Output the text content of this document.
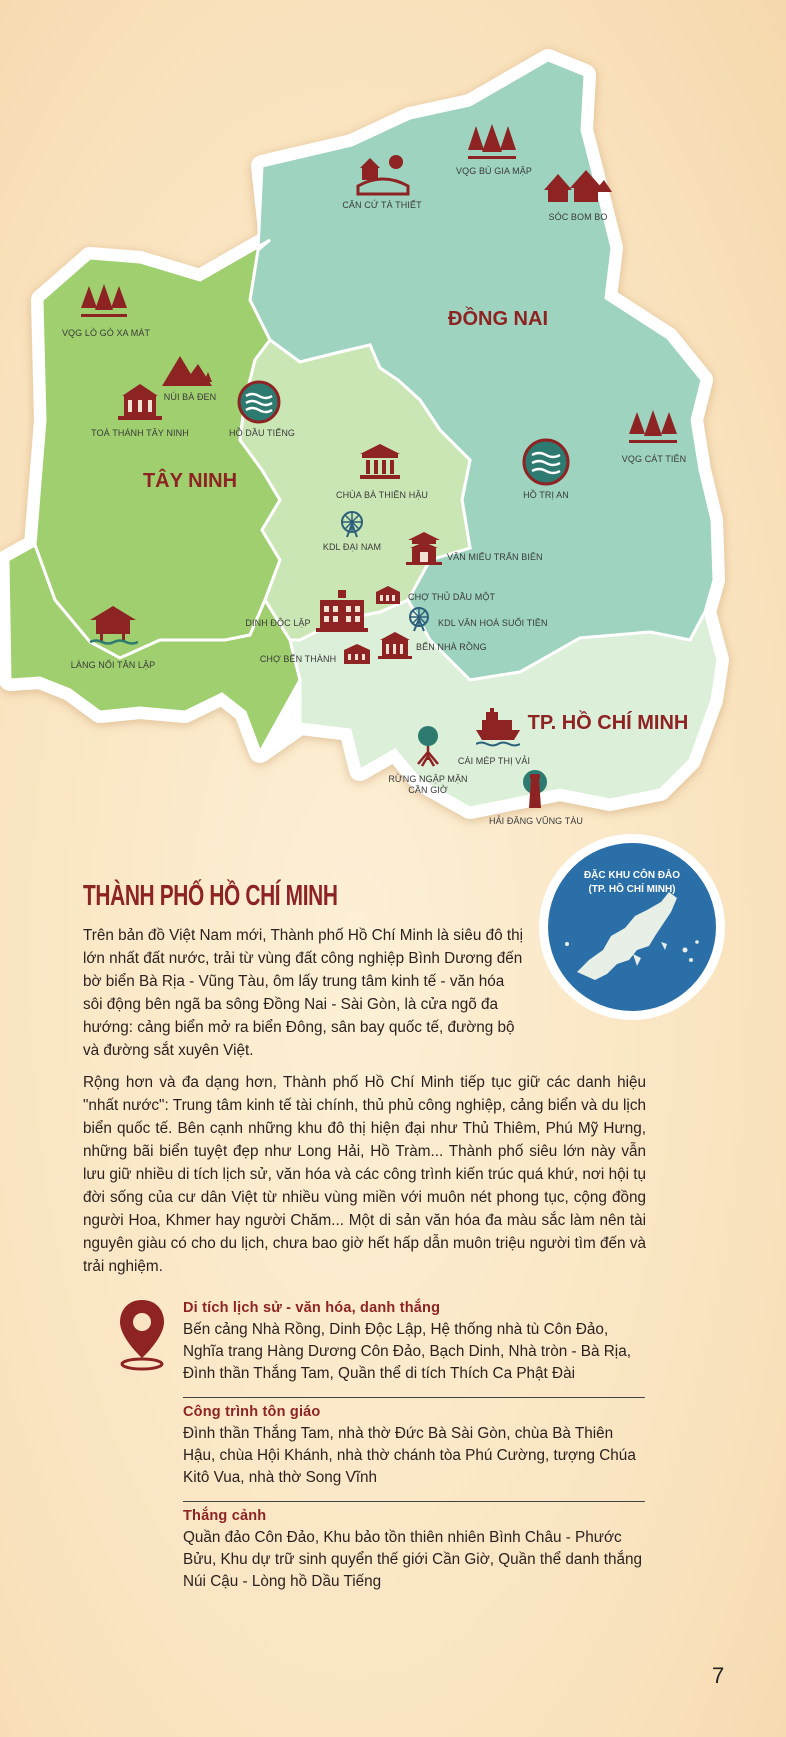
ĐỒNG NAI
TÂY NINH
TP. HỒ CHÍ MINH
VQG BÙ GIA MẬP
CĂN CỨ TÀ THIẾT
SÓC BOM BO
VQG LÒ GÒ XA MÁT
NÚI BÀ ĐEN
TOÀ THÁNH TÂY NINH	HỒ DẦU TIẾNG
VQG CÁT TIÊN
CHÙA BÀ THIÊN HẬU	HỒ TRỊ AN
KDL ĐẠI NAM
VĂN MIẾU TRẤN BIÊN
CHỢ THỦ DẦU MỘT
DINH ĐỘC LẬP	KDL VĂN HOÁ SUỐI TIÊN
BẾN NHÀ RỒNG
CHỢ BẾN THÀNH
LÀNG NỔI TÂN LẬP
CÁI MÉP THỊ VẢI
RỪNG NGẬP MẶN
CẦN GIỜ
HẢI ĐĂNG VŨNG TÀU
ĐẶC KHU CÔN ĐẢO
(TP. HỒ CHÍ MINH)
THÀNH PHỐ HỒ CHÍ MINH

Trên bản đồ Việt Nam mới, Thành phố Hồ Chí Minh là siêu đô thị lớn nhất đất nước, trải từ vùng đất công nghiệp Bình Dương đến bờ biển Bà Rịa - Vũng Tàu, ôm lấy trung tâm kinh tế - văn hóa sôi động bên ngã ba sông Đồng Nai - Sài Gòn, là cửa ngõ đa hướng: cảng biển mở ra biển Đông, sân bay quốc tế, đường bộ và đường sắt xuyên Việt.

Rộng hơn và đa dạng hơn, Thành phố Hồ Chí Minh tiếp tục giữ các danh hiệu "nhất nước": Trung tâm kinh tế tài chính, thủ phủ công nghiệp, cảng biển và du lịch biển quốc tế. Bên cạnh những khu đô thị hiện đại như Thủ Thiêm, Phú Mỹ Hưng, những bãi biển tuyệt đẹp như Long Hải, Hồ Tràm... Thành phố siêu lớn này vẫn lưu giữ nhiều di tích lịch sử, văn hóa và các công trình kiến trúc quá khứ, nơi hội tụ đời sống của cư dân Việt từ nhiều vùng miền với muôn nét phong tục, cộng đồng người Hoa, Khmer hay người Chăm... Một di sản văn hóa đa màu sắc làm nên tài nguyên giàu có cho du lịch, chưa bao giờ hết hấp dẫn muôn triệu người tìm đến và trải nghiệm.

Di tích lịch sử - văn hóa, danh thắng

Bến cảng Nhà Rồng, Dinh Độc Lập, Hệ thống nhà tù Côn Đảo, Nghĩa trang Hàng Dương Côn Đảo, Bạch Dinh, Nhà tròn - Bà Rịa, Đình thần Thắng Tam, Quần thể di tích Thích Ca Phật Đài

Công trình tôn giáo

Đình thần Thắng Tam, nhà thờ Đức Bà Sài Gòn, chùa Bà Thiên Hậu, chùa Hội Khánh, nhà thờ chánh tòa Phú Cường, tượng Chúa Kitô Vua, nhà thờ Song Vĩnh

Thắng cảnh

Quần đảo Côn Đảo, Khu bảo tồn thiên nhiên Bình Châu - Phước Bửu, Khu dự trữ sinh quyển thế giới Cần Giờ, Quần thể danh thắng Núi Cậu - Lòng hồ Dầu Tiếng

7
